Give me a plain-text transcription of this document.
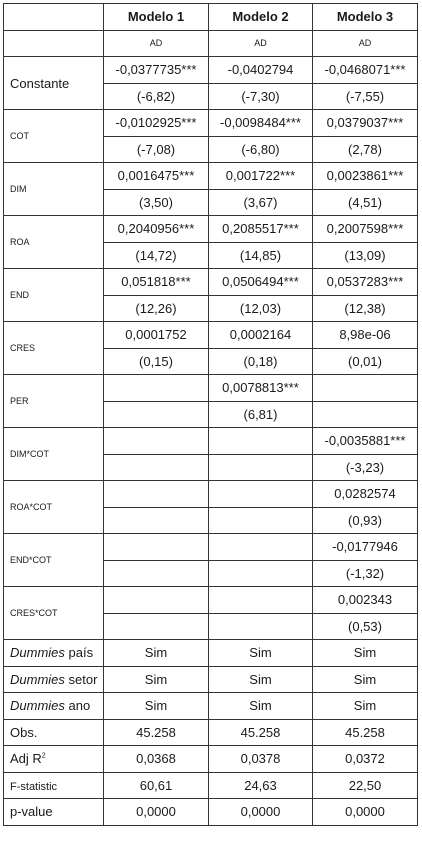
	Modelo 1	Modelo 2	Modelo 3
	AD	AD	AD
Constante	-0,0377735***	-0,0402794	-0,0468071***
	(-6,82)	(-7,30)	(-7,55)
COT	-0,0102925***	-0,0098484***	0,0379037***
	(-7,08)	(-6,80)	(2,78)
DIM	0,0016475***	0,001722***	0,0023861***
	(3,50)	(3,67)	(4,51)
ROA	0,2040956***	0,2085517***	0,2007598***
	(14,72)	(14,85)	(13,09)
END	0,051818***	0,0506494***	0,0537283***
	(12,26)	(12,03)	(12,38)
CRES	0,0001752	0,0002164	8,98e-06
	(0,15)	(0,18)	(0,01)
PER		0,0078813***	
		(6,81)	
DIM*COT			-0,0035881***
			(-3,23)
ROA*COT			0,0282574
			(0,93)
END*COT			-0,0177946
			(-1,32)
CRES*COT			0,002343
			(0,53)
Dummies país	Sim	Sim	Sim
Dummies setor	Sim	Sim	Sim
Dummies ano	Sim	Sim	Sim
Obs.	45.258	45.258	45.258
Adj $R^2$	0,0368	0,0378	0,0372
F-statistic	60,61	24,63	22,50
p-value	0,0000	0,0000	0,0000
